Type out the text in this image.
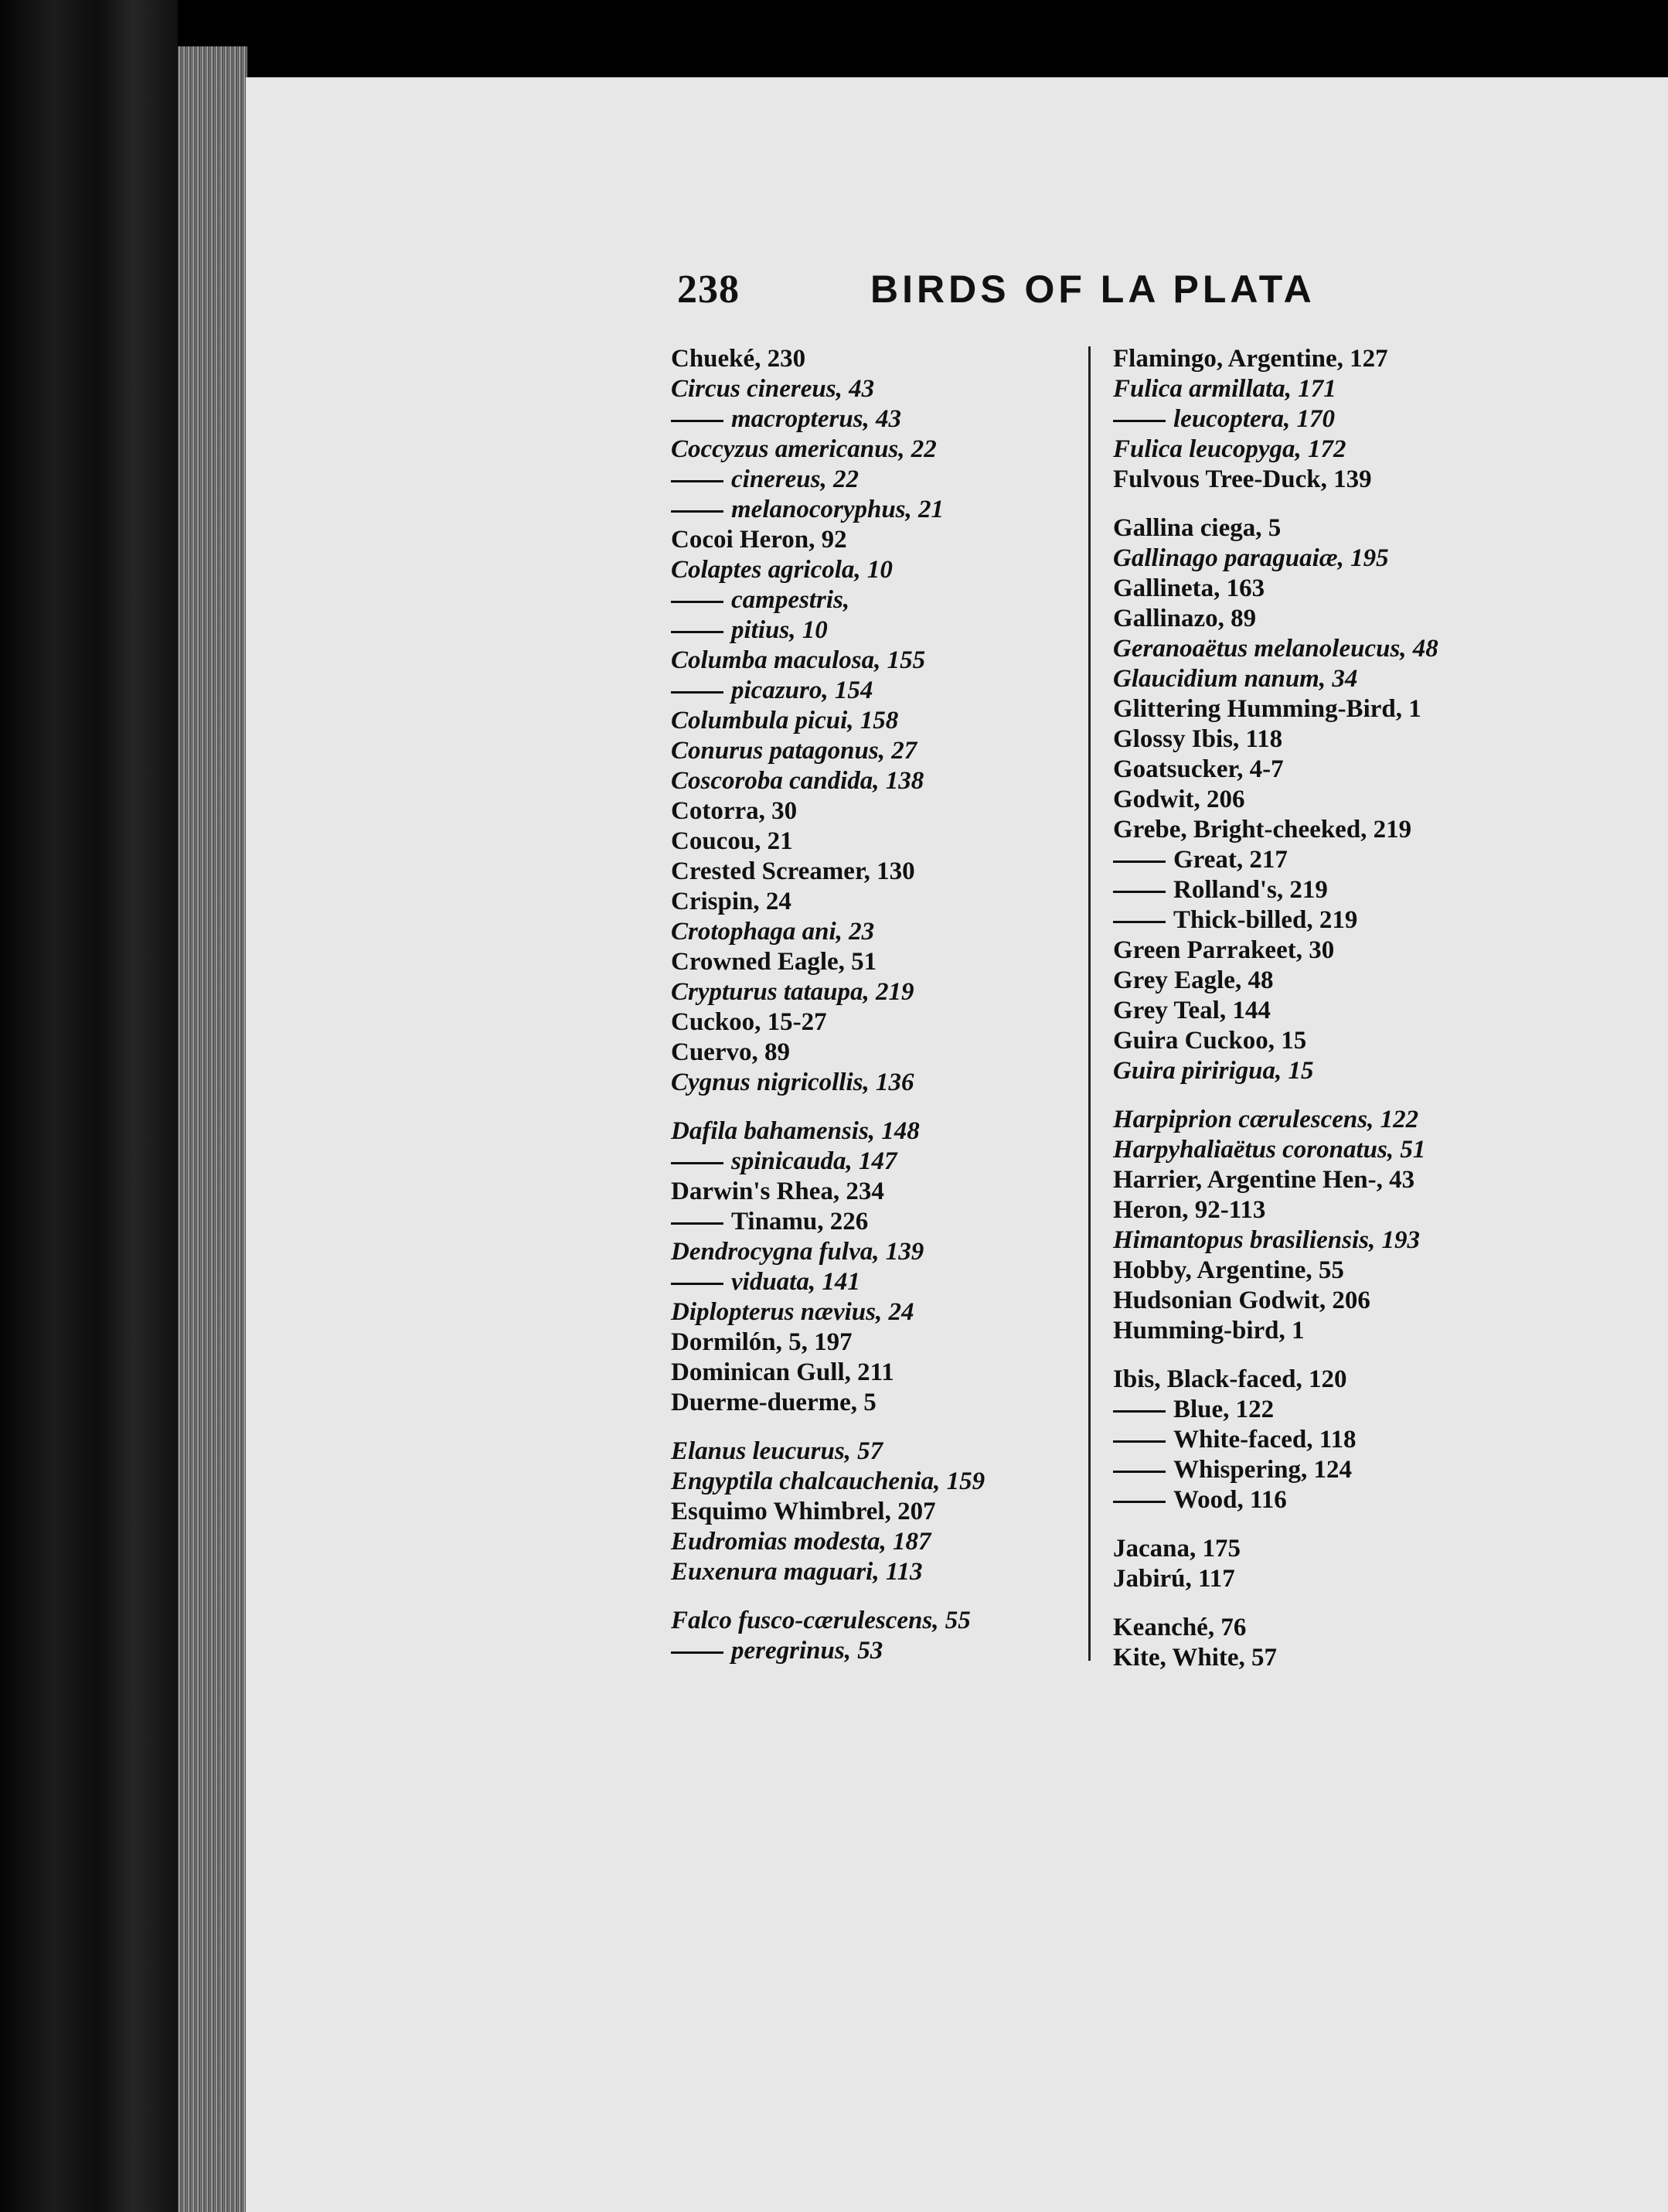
238	BIRDS OF LA PLATA
Chueké, 230
Circus cinereus, 43
macropterus, 43
Coccyzus americanus, 22
cinereus, 22
melanocoryphus, 21
Cocoi Heron, 92
Colaptes agricola, 10
campestris,
pitius, 10
Columba maculosa, 155
picazuro, 154
Columbula picui, 158
Conurus patagonus, 27
Coscoroba candida, 138
Cotorra, 30
Coucou, 21
Crested Screamer, 130
Crispin, 24
Crotophaga ani, 23
Crowned Eagle, 51
Crypturus tataupa, 219
Cuckoo, 15-27
Cuervo, 89
Cygnus nigricollis, 136
Dafila bahamensis, 148
spinicauda, 147
Darwin's Rhea, 234
Tinamu, 226
Dendrocygna fulva, 139
viduata, 141
Diplopterus nævius, 24
Dormilón, 5, 197
Dominican Gull, 211
Duerme-duerme, 5
Elanus leucurus, 57
Engyptila chalcauchenia, 159
Esquimo Whimbrel, 207
Eudromias modesta, 187
Euxenura maguari, 113
Falco fusco-cærulescens, 55
peregrinus, 53
Flamingo, Argentine, 127
Fulica armillata, 171
leucoptera, 170
Fulica leucopyga, 172
Fulvous Tree-Duck, 139
Gallina ciega, 5
Gallinago paraguaiæ, 195
Gallineta, 163
Gallinazo, 89
Geranoaëtus melanoleucus, 48
Glaucidium nanum, 34
Glittering Humming-Bird, 1
Glossy Ibis, 118
Goatsucker, 4-7
Godwit, 206
Grebe, Bright-cheeked, 219
Great, 217
Rolland's, 219
Thick-billed, 219
Green Parrakeet, 30
Grey Eagle, 48
Grey Teal, 144
Guira Cuckoo, 15
Guira piririgua, 15
Harpiprion cærulescens, 122
Harpyhaliaëtus coronatus, 51
Harrier, Argentine Hen-, 43
Heron, 92-113
Himantopus brasiliensis, 193
Hobby, Argentine, 55
Hudsonian Godwit, 206
Humming-bird, 1
Ibis, Black-faced, 120
Blue, 122
White-faced, 118
Whispering, 124
Wood, 116
Jacana, 175
Jabirú, 117
Keanché, 76
Kite, White, 57
